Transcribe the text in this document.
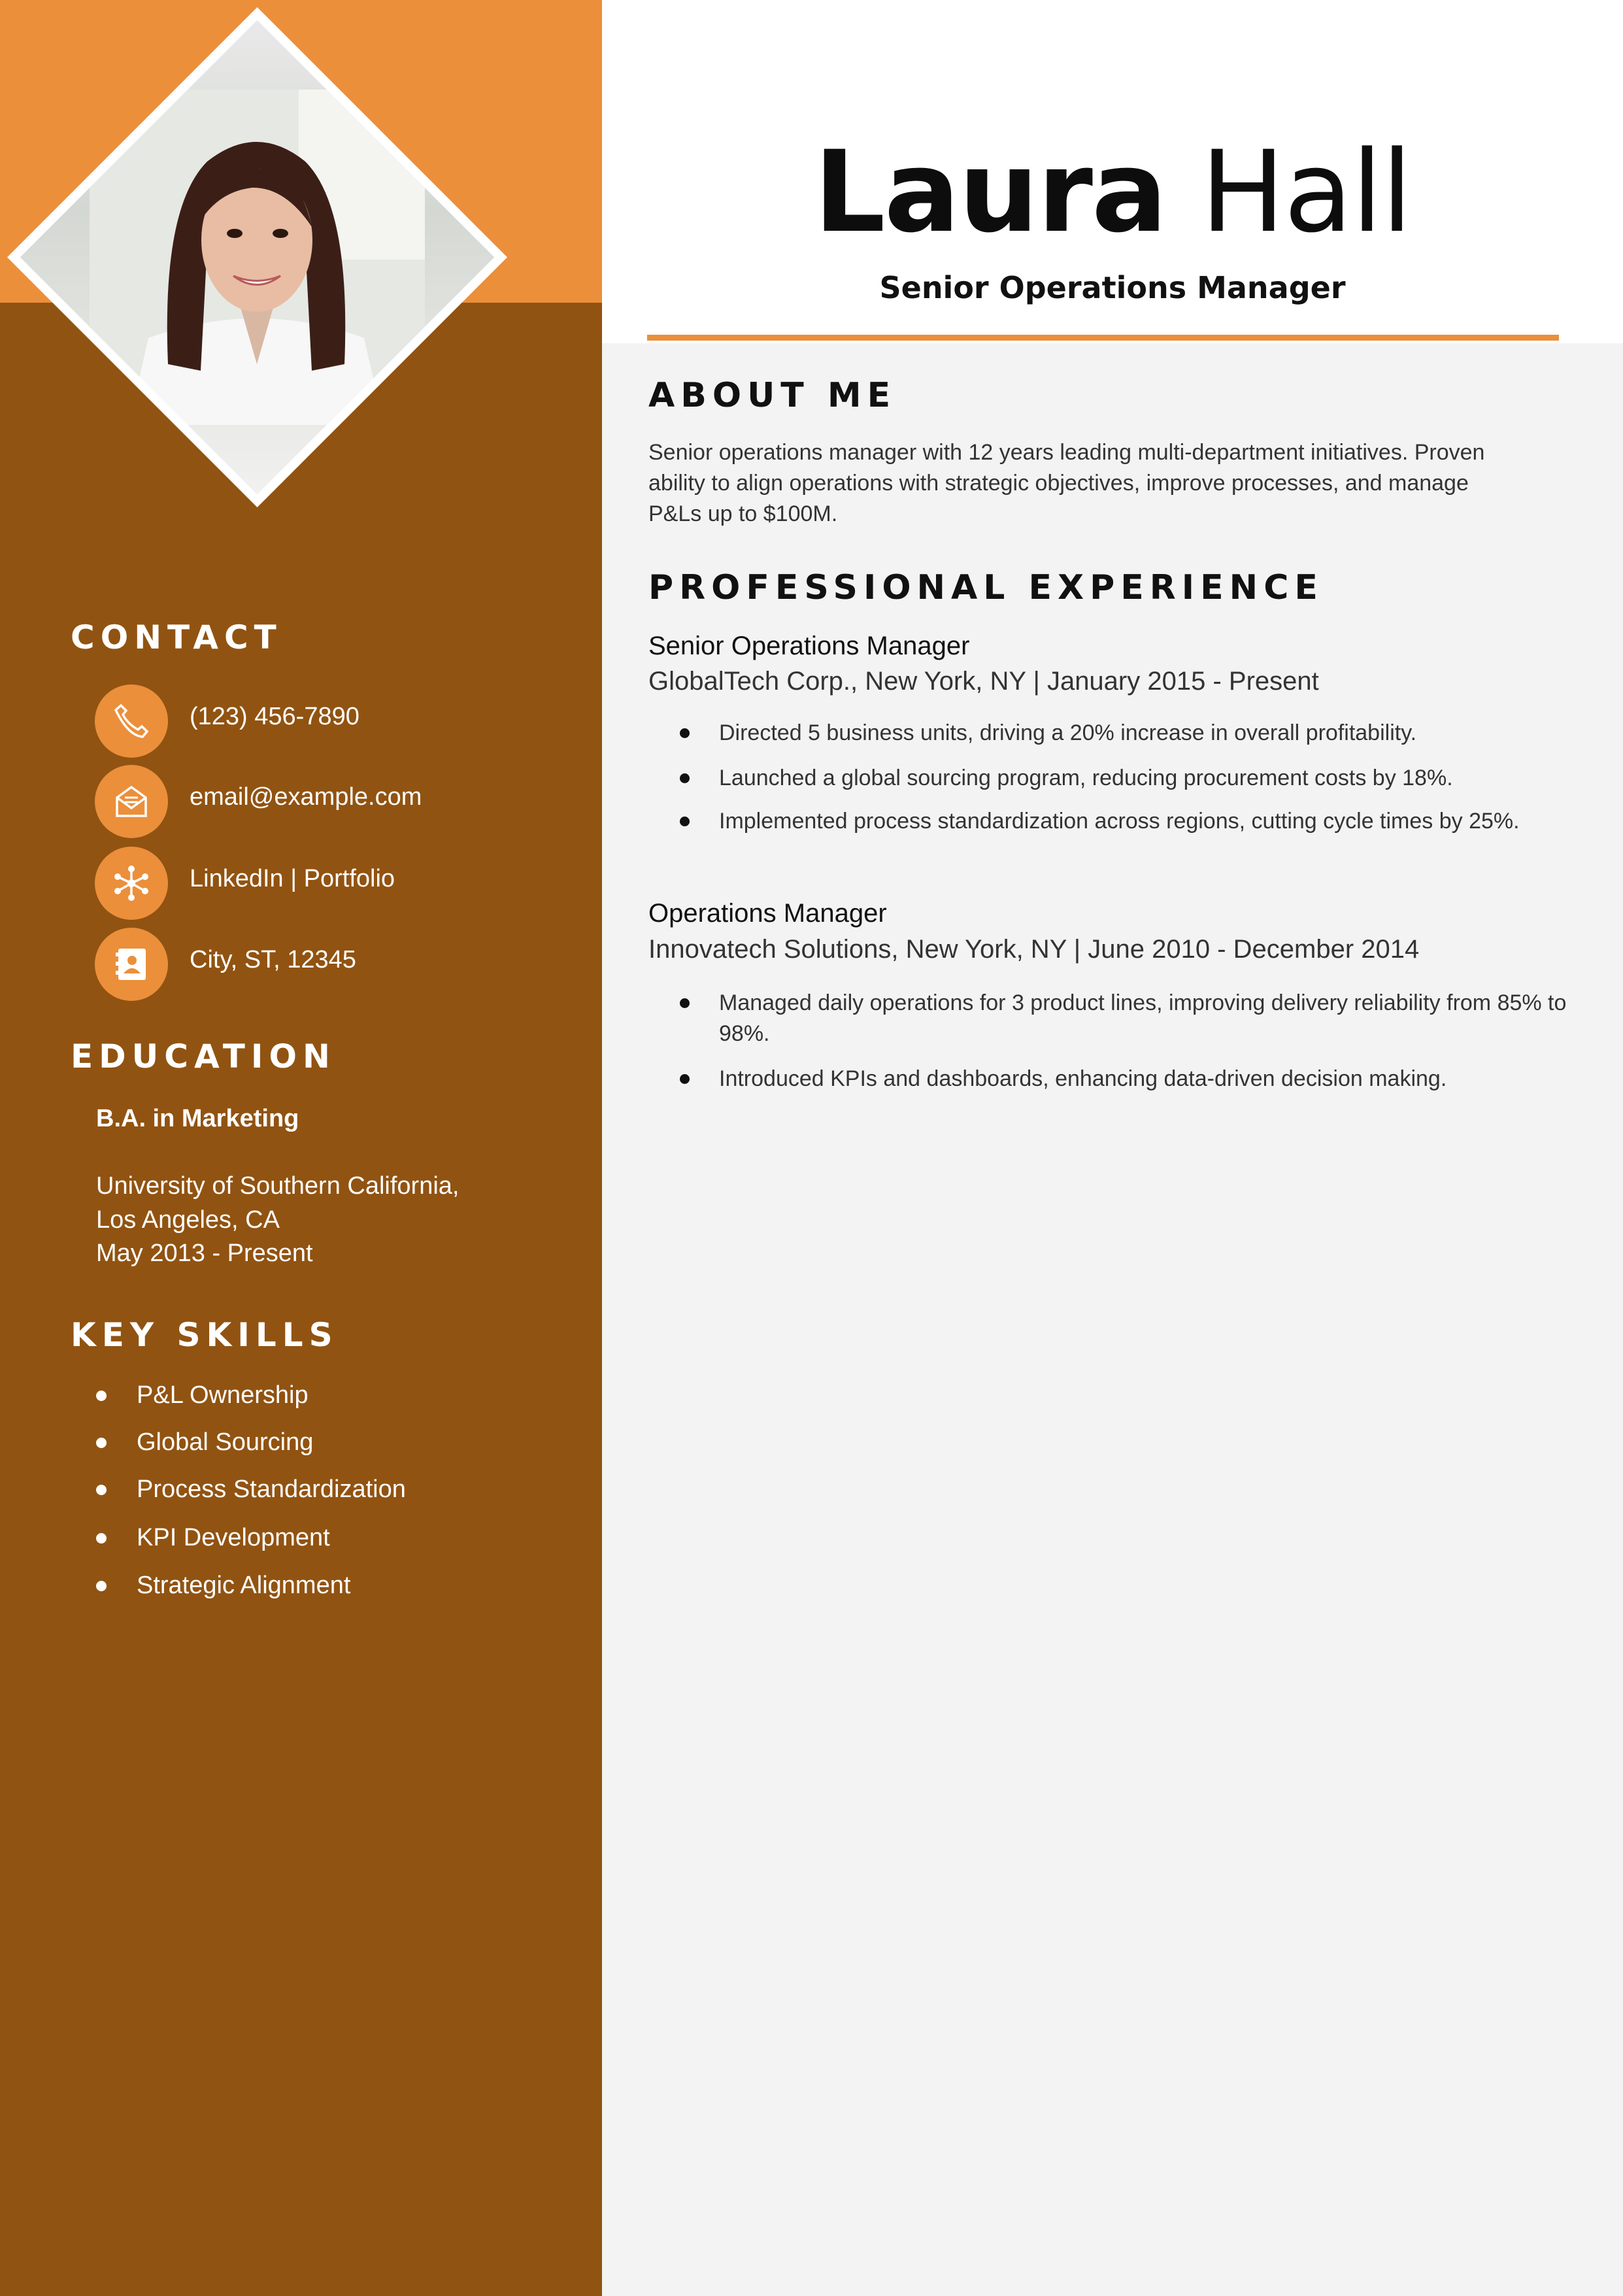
CONTACT
(123) 456-7890
email@example.com
LinkedIn | Portfolio
City, ST, 12345
EDUCATION
B.A. in Marketing
University of Southern California,
Los Angeles, CA
May 2013 - Present
KEY SKILLS
P&L Ownership
Global Sourcing
Process Standardization
KPI Development
Strategic Alignment
Laura Hall
Senior Operations Manager
ABOUT ME
Senior operations manager with 12 years leading multi-department initiatives. Proven
ability to align operations with strategic objectives, improve processes, and manage
P&Ls up to $100M.
PROFESSIONAL EXPERIENCE
Senior Operations Manager
GlobalTech Corp., New York, NY | January 2015 - Present
Directed 5 business units, driving a 20% increase in overall profitability.
Launched a global sourcing program, reducing procurement costs by 18%.
Implemented process standardization across regions, cutting cycle times by 25%.
Operations Manager
Innovatech Solutions, New York, NY | June 2010 - December 2014
Managed daily operations for 3 product lines, improving delivery reliability from 85% to 98%.
Introduced KPIs and dashboards, enhancing data-driven decision making.
